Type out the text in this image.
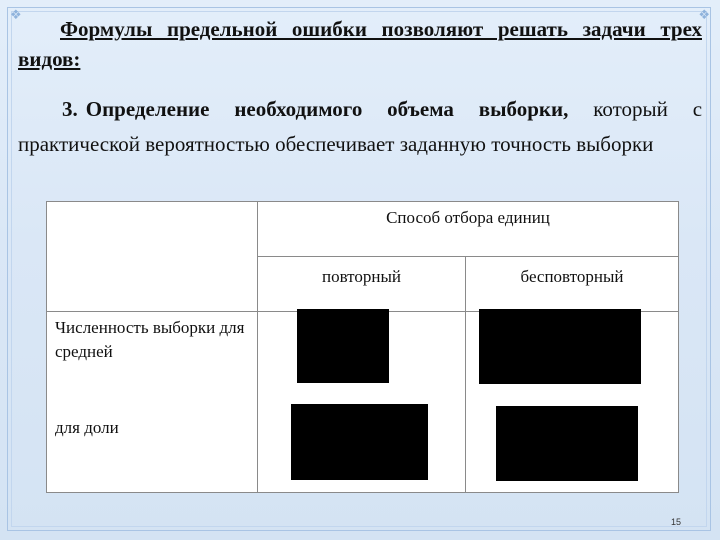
❖	❖

Формулы предельной ошибки позволяют решать задачи трех видов:

3. Определение необходимого объема выборки, который с практической вероятностью обеспечивает заданную точность выборки

	Способ отбора единиц	
	повторный	бесповторный
Численность выборки для средней		
для доли		
15
